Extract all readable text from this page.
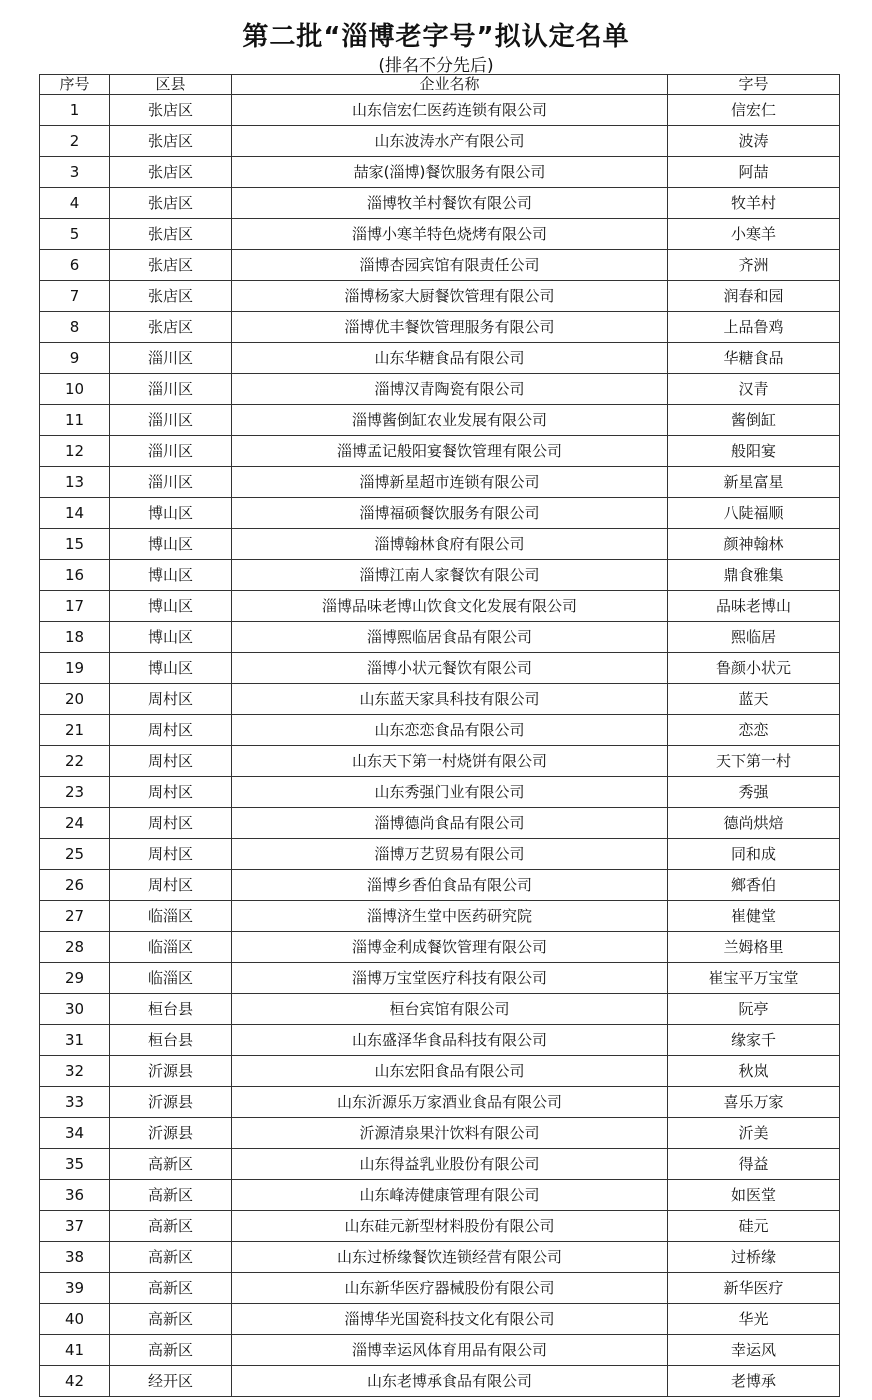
第二批“淄博老字号”拟认定名单
(排名不分先后)
序号	区县	企业名称	字号
1	张店区	山东信宏仁医药连锁有限公司	信宏仁
2	张店区	山东波涛水产有限公司	波涛
3	张店区	喆家(淄博)餐饮服务有限公司	阿喆
4	张店区	淄博牧羊村餐饮有限公司	牧羊村
5	张店区	淄博小寒羊特色烧烤有限公司	小寒羊
6	张店区	淄博杏园宾馆有限责任公司	齐洲
7	张店区	淄博杨家大厨餐饮管理有限公司	润春和园
8	张店区	淄博优丰餐饮管理服务有限公司	上品鲁鸡
9	淄川区	山东华糖食品有限公司	华糖食品
10	淄川区	淄博汉青陶瓷有限公司	汉青
11	淄川区	淄博酱倒缸农业发展有限公司	酱倒缸
12	淄川区	淄博孟记般阳宴餐饮管理有限公司	般阳宴
13	淄川区	淄博新星超市连锁有限公司	新星富星
14	博山区	淄博福硕餐饮服务有限公司	八陡福顺
15	博山区	淄博翰林食府有限公司	颜神翰林
16	博山区	淄博江南人家餐饮有限公司	鼎食雅集
17	博山区	淄博品味老博山饮食文化发展有限公司	品味老博山
18	博山区	淄博熙临居食品有限公司	熙临居
19	博山区	淄博小状元餐饮有限公司	鲁颜小状元
20	周村区	山东蓝天家具科技有限公司	蓝天
21	周村区	山东恋恋食品有限公司	恋恋
22	周村区	山东天下第一村烧饼有限公司	天下第一村
23	周村区	山东秀强门业有限公司	秀强
24	周村区	淄博德尚食品有限公司	德尚烘焙
25	周村区	淄博万艺贸易有限公司	同和成
26	周村区	淄博乡香伯食品有限公司	鄉香伯
27	临淄区	淄博济生堂中医药研究院	崔健堂
28	临淄区	淄博金利成餐饮管理有限公司	兰姆格里
29	临淄区	淄博万宝堂医疗科技有限公司	崔宝平万宝堂
30	桓台县	桓台宾馆有限公司	阮亭
31	桓台县	山东盛泽华食品科技有限公司	缘家千
32	沂源县	山东宏阳食品有限公司	秋岚
33	沂源县	山东沂源乐万家酒业食品有限公司	喜乐万家
34	沂源县	沂源清泉果汁饮料有限公司	沂美
35	高新区	山东得益乳业股份有限公司	得益
36	高新区	山东峰涛健康管理有限公司	如医堂
37	高新区	山东硅元新型材料股份有限公司	硅元
38	高新区	山东过桥缘餐饮连锁经营有限公司	过桥缘
39	高新区	山东新华医疗器械股份有限公司	新华医疗
40	高新区	淄博华光国瓷科技文化有限公司	华光
41	高新区	淄博幸运风体育用品有限公司	幸运风
42	经开区	山东老博承食品有限公司	老博承
